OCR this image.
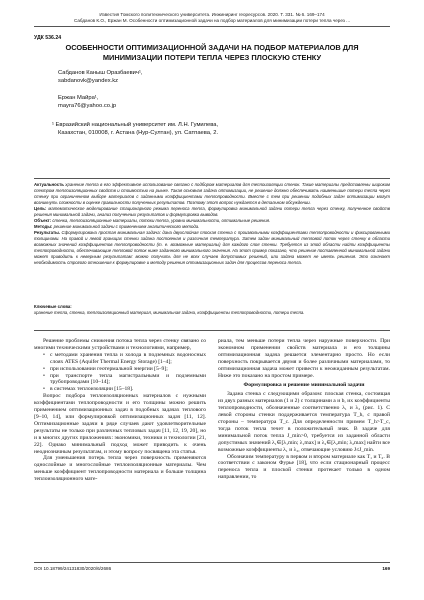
Известия Томского политехнического университета. Инжиниринг георесурсов. 2020. Т. 331. № 6. 169–174
Сабданов К.О., Ержан М. Особенности оптимизационной задачи на подбор материалов для минимизации потери тепла через ...
УДК 536.24
ОСОБЕННОСТИ ОПТИМИЗАЦИОННОЙ ЗАДАЧИ НА ПОДБОР МАТЕРИАЛОВ ДЛЯ МИНИМИЗАЦИИ ПОТЕРИ ТЕПЛА ЧЕРЕЗ ПЛОСКУЮ СТЕНКУ
Сабданов Каныш Оразбаевич¹,
sabdanovk@yandex.kz
Ержан Майра¹,
mayra76@yahoo.co.jp
¹ Евразийский национальный университет им. Л.Н. Гумилева,
Казахстан, 010008, г. Астана (Нур-Султан), ул. Сатпаева, 2.

Актуальность хранение тепла в его эффективное использование связано с подбором материалов для теплоизоляции стенок. Такие материалы представлены широким спектром теплоизоляционных свойств и стоимостью на рынке. Такая основная задача оптимизации, не решение должно обеспечивать наименьшие потери тепла через стенку при ограниченном выборе материалов с заданными коэффициентами теплопроводности. Вместе с тем при решении подобных задач оптимизации могут возникнуть сложности в оценке правильности полученных результатов. Поэтому этот вопрос нуждается в детальном обсуждении.

Цель: математическое моделирование стационарного режима переноса тепла, формулировка минимальной задачи потери тепла через стенку, полученное свойств решения минимальной задачи, анализ полученных результатов и формулировка выводов.

Объект: стенка, теплоизоляционные материалы, потоки тепла, уровни минимальности, оптимальные решения.

Методы: решение минимальной задачи с применением аналитического метода.

Результаты. Сформулирована простая минимальная задача: дана двухслойная плоская стенка с произвольными коэффициентами теплопроводности и фиксированными толщинами. На правой и левой границах стенки задана постоянная и различная температура. Затем задан минимальный тепловой поток через стенку в области возможных значений коэффициентов теплопроводности (т. е. возможные материалы) для каждого слоя стенки. Требуется из этой области найти коэффициенты теплопроводности, обеспечивающие тепловой поток ниже заданного минимального значения. На этот пример показано, что решение поставленной минимальной задачи может приводить к неверным результатам: можно получить для не всех случаев допустимых решений, или задача может не иметь решения. Это означает необходимость строгого отношения к формулировке и методу решения оптимизационных задач для процессов переноса тепла.

Ключевые слова:
хранение тепла, стенка, теплоизоляционный материал, минимальная задача, коэффициенты теплопроводности, потери тепла.

Решение проблемы снижения потока тепла через стенку связано со многими техническими устройствами и технологиями, например,

• с методами хранения тепла и холода в подземных водоносных слоях ATES (Aquifer Thermal Energy Storage) [1–4];
• при использовании геотермальной энергии [5–9];
• при транспорте тепла магистральными и подземными трубопроводами [10–14];
• в системах теплоизоляции [15–18].

Вопрос подбора теплоизоляционных материалов с нужными коэффициентами теплопроводности и его толщины можно решить применением оптимизационных задач в подобных задачах теплового [9–10, 14], или формулировкой оптимизационных задач [11, 12]. Оптимизационные задачи в ряде случаев дают удовлетворительные результаты не только при различных тепловых задач [11, 12, 19, 20], но и в многих других приложениях: экономики, техники и технологии [21, 22]. Однако минимальный подход может приводить к очень неоднозначным результатам, и этому вопросу посвящена эта статья.

Для уменьшения потерь тепла через поверхность применяются однослойные и многослойные теплоизоляционные материалы. Чем меньше коэффициент теплопроводности материала и больше толщина теплоизоляционного мате-

риала, тем меньше потери тепла через наружные поверхности. При экономном применении свойств материала и его толщины оптимизационная задача решается элементарно просто. Но если поверхность покрывается двумя и более различными материалами, то оптимизационная задача может привести к неожиданным результатам. Ниже это показано на простом примере.

Формулировка и решение минимальной задачи

Задана стенка с следующими образом: плоская стенка, состоящая из двух разных материалов (1 и 2) с толщинами a и b, их коэффициенты теплопроводности, обозначенные соответственно λ₁ и λ₂ (рис. 1). С левой стороны стенки поддерживается температура T_h, с правой стороны – температура T_c. Для определенности примем T_h>T_c, тогда поток тепла течет в положительный знак. В задаче для минимальной поток тепла J_min>0, требуется из заданной области допустимых значений λ₁∈[λ₁min; λ₁max] и λ₂∈[λ₂min; λ₂max] найти все возможные коэффициенты λ₁ и λ₂, отвечающие условию J≤J_min.

Обозначим температуру в первом и втором материале как T₁ и T₂. В соответствии с законом Фурье [18], что если стационарный процесс переноса тепла и плоской стенки протекает только в одном направлении, то

DOI 10.18799/24131830/2020/6/2686	169
